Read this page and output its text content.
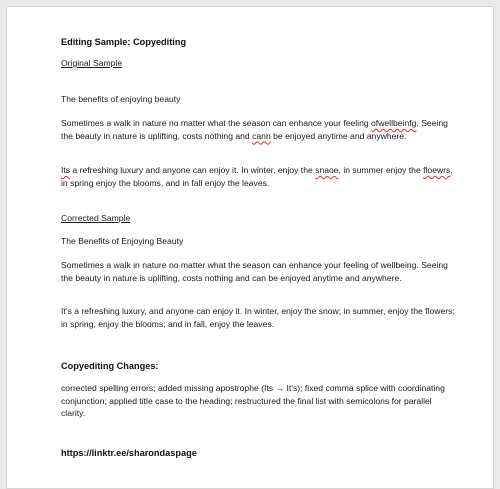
Editing Sample: Copyediting

Original Sample

The benefits of enjoying beauty

Sometimes a walk in nature no matter what the season can enhance your feeling ofwellbeinfg. Seeing the beauty in nature is uplifting, costs nothing and cann be enjoyed anytime and anywhere.

Its a refreshing luxury and anyone can enjoy it. In winter, enjoy the snaoe, in summer enjoy the floewrs, in spring enjoy the blooms, and in fall enjoy the leaves.

Corrected Sample

The Benefits of Enjoying Beauty

Sometimes a walk in nature no matter what the season can enhance your feeling of wellbeing. Seeing the beauty in nature is uplifting, costs nothing and can be enjoyed anytime and anywhere.

It’s a refreshing luxury, and anyone can enjoy it. In winter, enjoy the snow; in summer, enjoy the flowers; in spring, enjoy the blooms; and in fall, enjoy the leaves.

Copyediting Changes:

corrected spelling errors; added missing apostrophe (Its → It’s); fixed comma splice with coordinating conjunction; applied title case to the heading; restructured the final list with semicolons for parallel clarity.

https://linktr.ee/sharondaspage
